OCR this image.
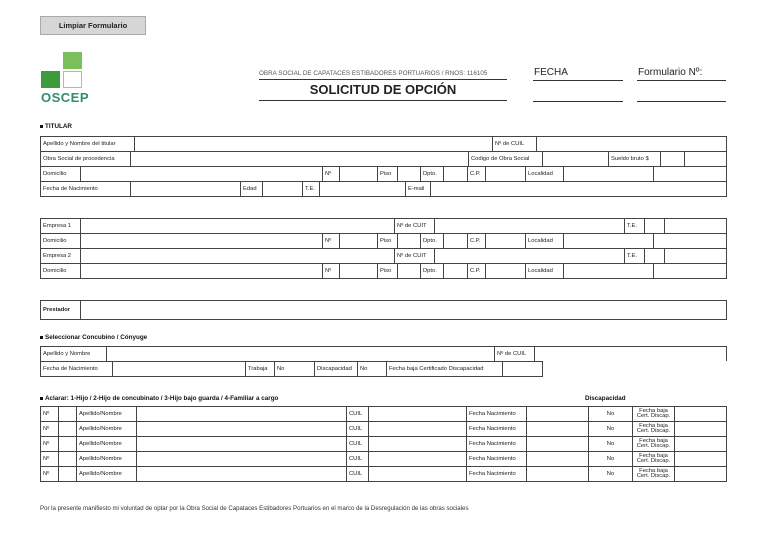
Limpiar Formulario
OSCEP
OBRA SOCIAL DE CAPATACES ESTIBADORES PORTUARIOS / RNOS: 116105
SOLICITUD DE OPCIÓN
FECHA	Formulario Nº:
TITULAR
Apellido y Nombre del titular		Nº de CUIL	
Obra Social de procedencia		Codigo de Obra Social		Sueldo bruto $		
Domicilio		Nº		Piso		Dpto.		C.P.		Localidad		
Fecha de Nacimiento		Edad		T.E.		E-mail	
Empresa 1		Nº de CUIT		T.E.		
Domicilio		Nº		Piso		Dpto.		C.P.		Localidad		
Empresa 2		Nº de CUIT		T.E.		
Domicilio		Nº		Piso		Dpto.		C.P.		Localidad		
Prestador	
Seleccionar Concubino / Cónyuge
Apellido y Nombre		Nº de CUIL	
Fecha de Nacimiento		Trabaja	No	Discapacidad	No	Fecha baja Certificado Discapacidad		
Aclarar: 1-Hijo / 2-Hijo de concubinato / 3-Hijo bajo guarda / 4-Familiar a cargo	Discapacidad
Nº		Apellido/Nombre		CUIL		Fecha Nacimiento		No	Fecha baja
Cert. Discap.	
Nº		Apellido/Nombre		CUIL		Fecha Nacimiento		No	Fecha baja
Cert. Discap.	
Nº		Apellido/Nombre		CUIL		Fecha Nacimiento		No	Fecha baja
Cert. Discap.	
Nº		Apellido/Nombre		CUIL		Fecha Nacimiento		No	Fecha baja
Cert. Discap.	
Nº		Apellido/Nombre		CUIL		Fecha Nacimiento		No	Fecha baja
Cert. Discap.	
Por la presente manifiesto mi voluntad de optar por la Obra Social de Capataces Estibadores Portuarios en el marco de la Desregulación de las obras sociales
